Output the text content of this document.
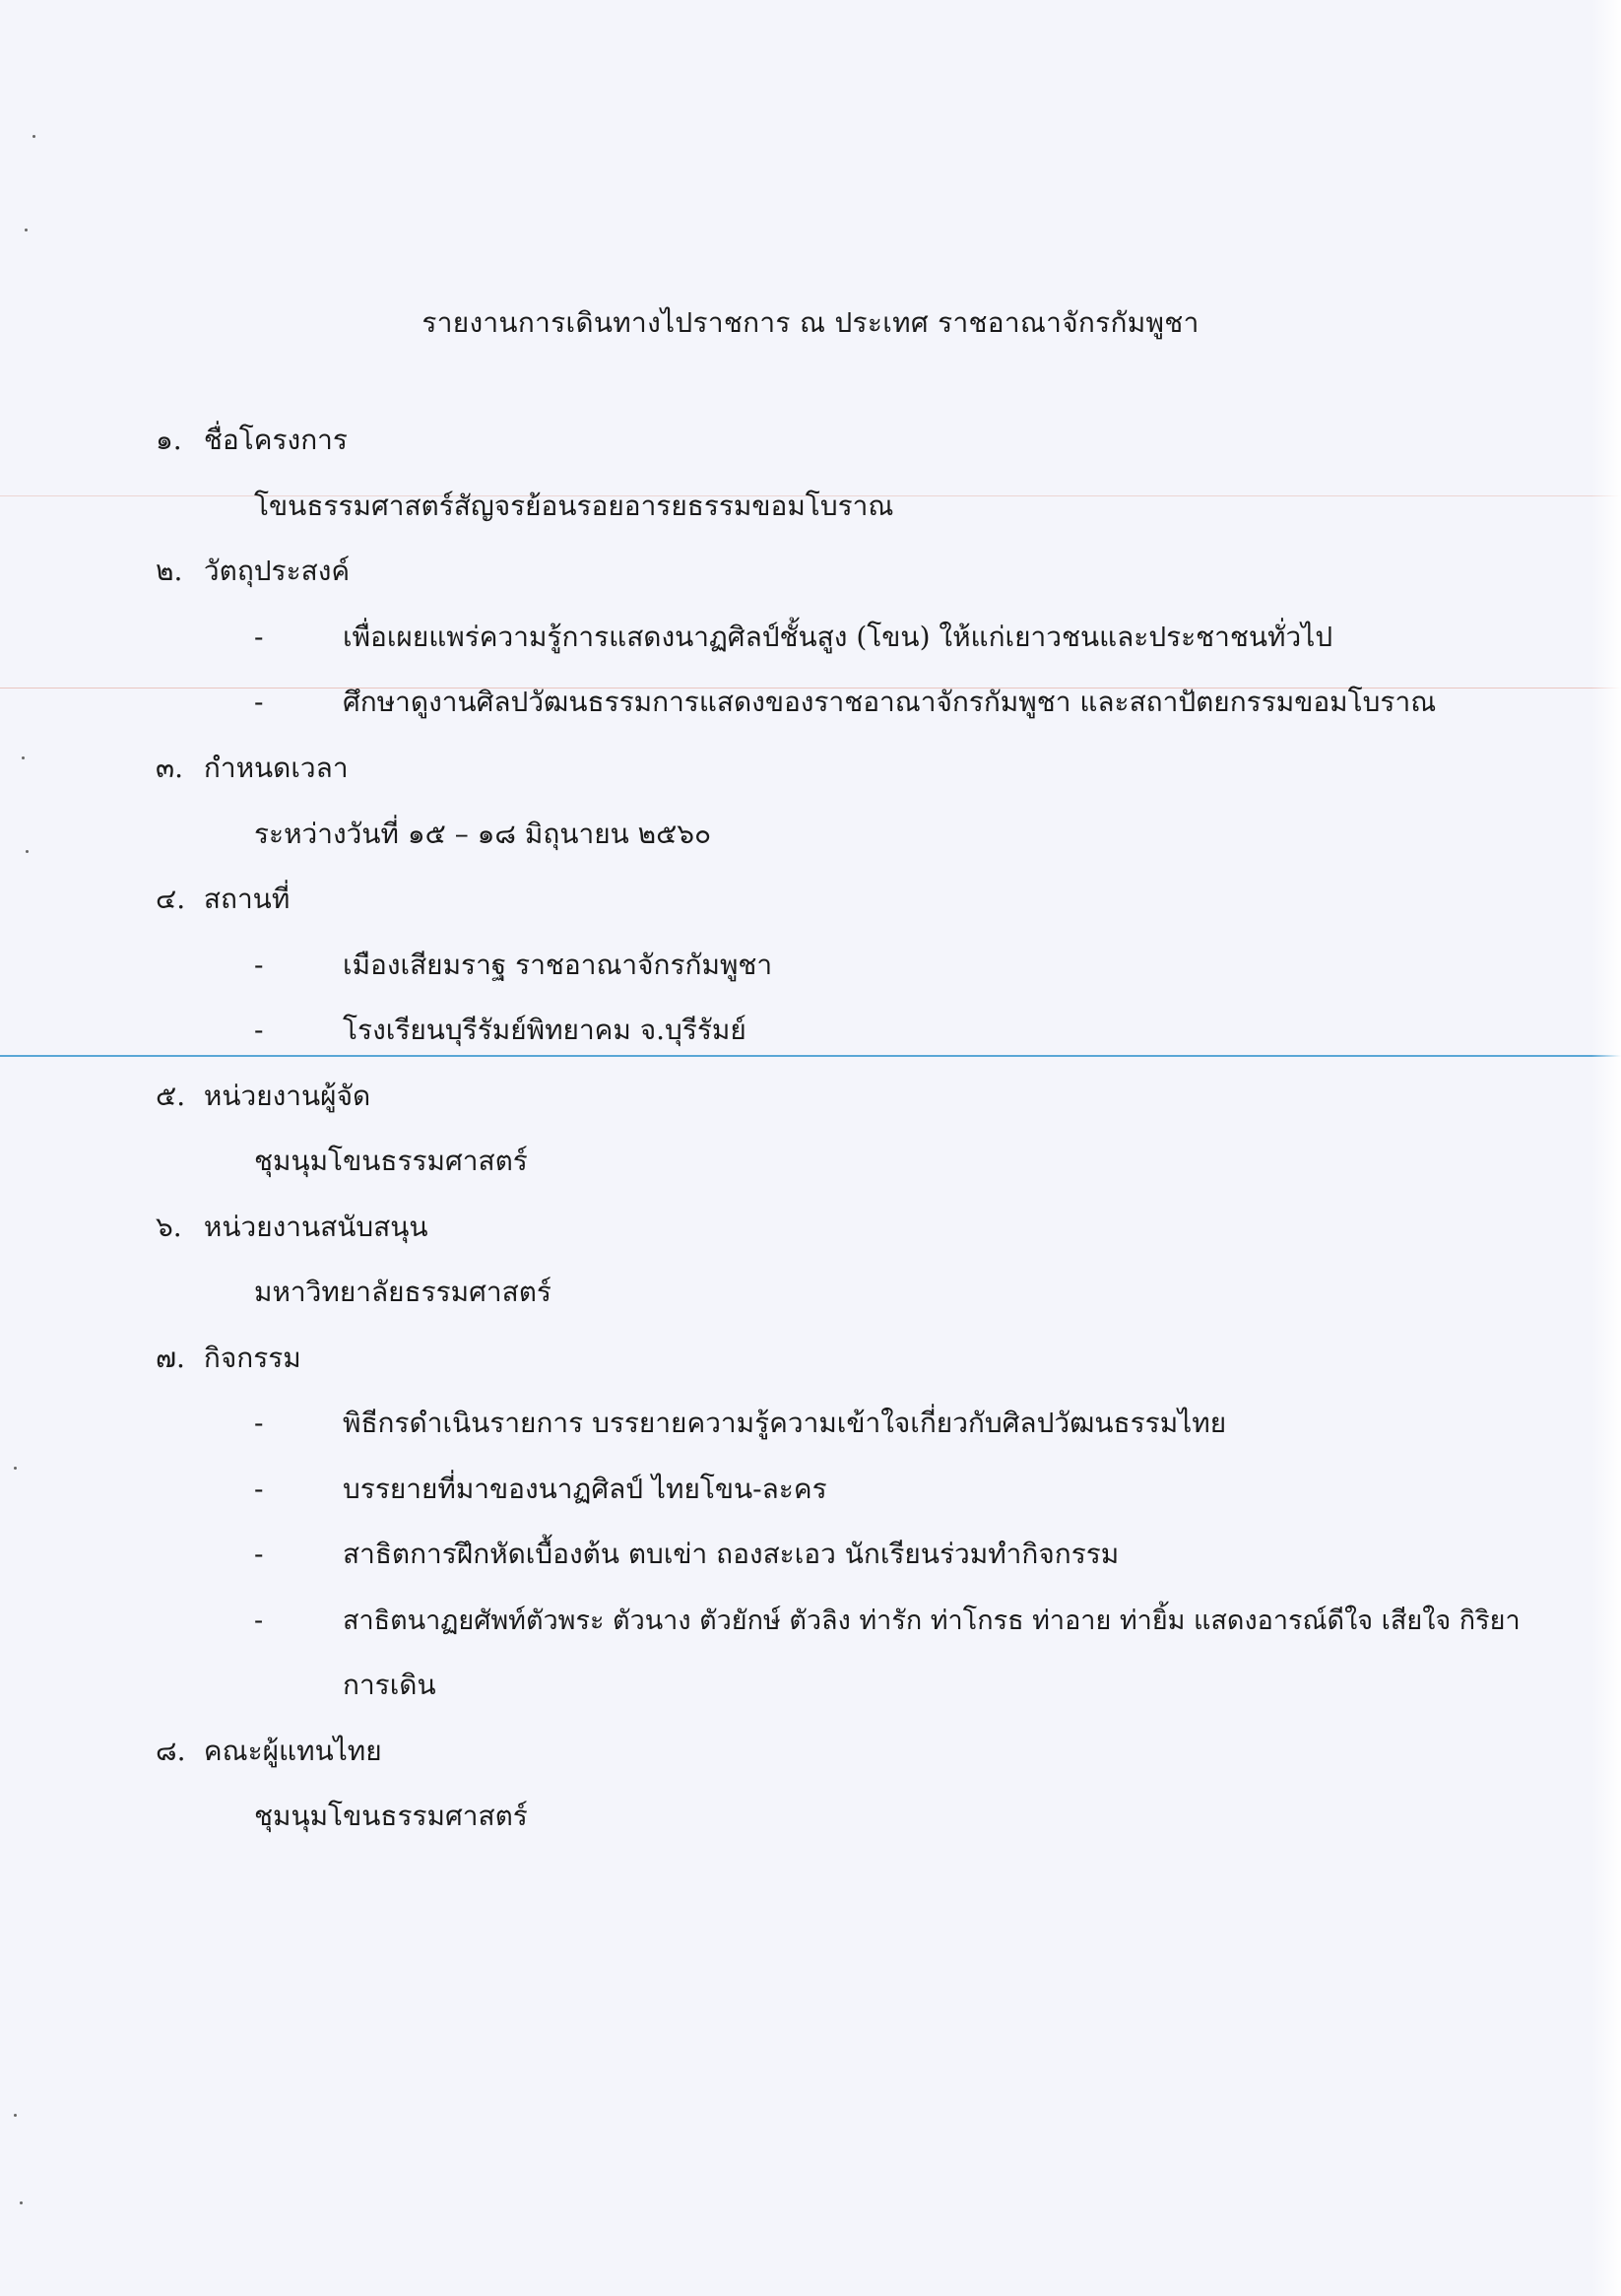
รายงานการเดินทางไปราชการ ณ ประเทศ ราชอาณาจักรกัมพูชา
๑. ชื่อโครงการ
โขนธรรมศาสตร์สัญจรย้อนรอยอารยธรรมขอมโบราณ
๒. วัตถุประสงค์
-	เพื่อเผยแพร่ความรู้การแสดงนาฏศิลป์ชั้นสูง (โขน) ให้แก่เยาวชนและประชาชนทั่วไป
-	ศึกษาดูงานศิลปวัฒนธรรมการแสดงของราชอาณาจักรกัมพูชา และสถาปัตยกรรมขอมโบราณ
๓. กำหนดเวลา
ระหว่างวันที่ ๑๕ – ๑๘ มิถุนายน ๒๕๖๐
๔. สถานที่
-	เมืองเสียมราฐ ราชอาณาจักรกัมพูชา
-	โรงเรียนบุรีรัมย์พิทยาคม จ.บุรีรัมย์
๕. หน่วยงานผู้จัด
ชุมนุมโขนธรรมศาสตร์
๖. หน่วยงานสนับสนุน
มหาวิทยาลัยธรรมศาสตร์
๗. กิจกรรม
-	พิธีกรดำเนินรายการ บรรยายความรู้ความเข้าใจเกี่ยวกับศิลปวัฒนธรรมไทย
-	บรรยายที่มาของนาฏศิลป์ ไทยโขน-ละคร
-	สาธิตการฝึกหัดเบื้องต้น ตบเข่า ถองสะเอว นักเรียนร่วมทำกิจกรรม
-	สาธิตนาฏยศัพท์ตัวพระ ตัวนาง ตัวยักษ์ ตัวลิง ท่ารัก ท่าโกรธ ท่าอาย ท่ายิ้ม แสดงอารณ์ดีใจ เสียใจ กิริยา
การเดิน
๘. คณะผู้แทนไทย
ชุมนุมโขนธรรมศาสตร์
